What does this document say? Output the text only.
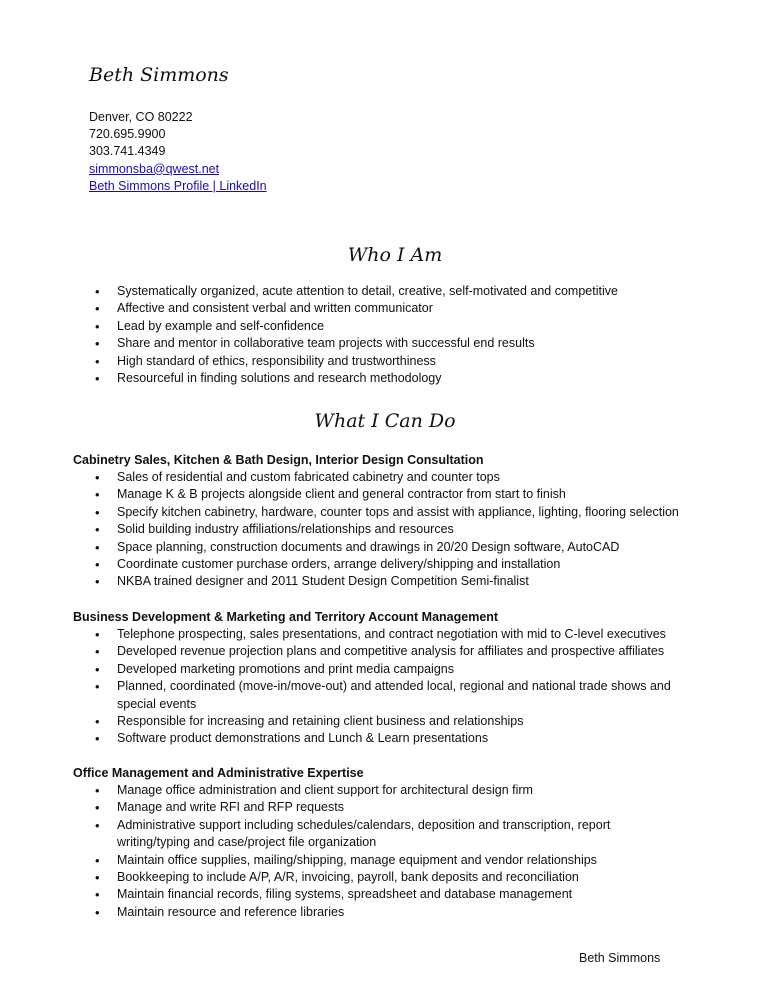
Beth Simmons
Denver, CO 80222
720.695.9900
303.741.4349
simmonsba@qwest.net
Beth Simmons Profile | LinkedIn
Who I Am
• Systematically organized, acute attention to detail, creative, self-motivated and competitive
• Affective and consistent verbal and written communicator
• Lead by example and self-confidence
• Share and mentor in collaborative team projects with successful end results
• High standard of ethics, responsibility and trustworthiness
• Resourceful in finding solutions and research methodology
What I Can Do
Cabinetry Sales, Kitchen & Bath Design, Interior Design Consultation
• Sales of residential and custom fabricated cabinetry and counter tops
• Manage K & B projects alongside client and general contractor from start to finish
• Specify kitchen cabinetry, hardware, counter tops and assist with appliance, lighting, flooring selection
• Solid building industry affiliations/relationships and resources
• Space planning, construction documents and drawings in 20/20 Design software, AutoCAD
• Coordinate customer purchase orders, arrange delivery/shipping and installation
• NKBA trained designer and 2011 Student Design Competition Semi-finalist
Business Development & Marketing and Territory Account Management
• Telephone prospecting, sales presentations, and contract negotiation with mid to C-level executives
• Developed revenue projection plans and competitive analysis for affiliates and prospective affiliates
• Developed marketing promotions and print media campaigns
• Planned, coordinated (move-in/move-out) and attended local, regional and national trade shows and special events
• Responsible for increasing and retaining client business and relationships
• Software product demonstrations and Lunch & Learn presentations
Office Management and Administrative Expertise
• Manage office administration and client support for architectural design firm
• Manage and write RFI and RFP requests
• Administrative support including schedules/calendars, deposition and transcription, report writing/typing and case/project file organization
• Maintain office supplies, mailing/shipping, manage equipment and vendor relationships
• Bookkeeping to include A/P, A/R, invoicing, payroll, bank deposits and reconciliation
• Maintain financial records, filing systems, spreadsheet and database management
• Maintain resource and reference libraries
Beth Simmons
